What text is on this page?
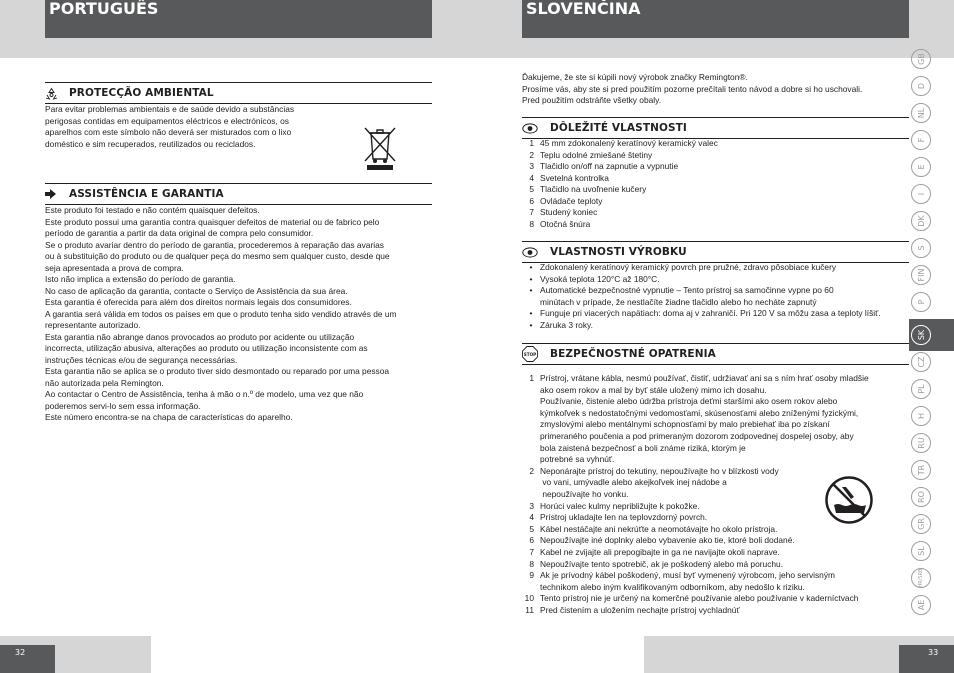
PORTUGUÊS	SLOVENČINA
PROTECÇÃO AMBIENTAL

Para evitar problemas ambientais e de saúde devido a substâncias

perigosas contidas em equipamentos eléctricos e electrónicos, os

aparelhos com este símbolo não deverá ser misturados com o lixo

doméstico e sim recuperados, reutilizados ou reciclados.

ASSISTÊNCIA E GARANTIA

Este produto foi testado e não contém quaisquer defeitos.

Este produto possui uma garantia contra quaisquer defeitos de material ou de fabrico pelo

período de garantia a partir da data original de compra pelo consumidor.

Se o produto avariar dentro do período de garantia, procederemos à reparação das avarias

ou à substituição do produto ou de qualquer peça do mesmo sem qualquer custo, desde que

seja apresentada a prova de compra.

Isto não implica a extensão do período de garantia.

No caso de aplicação da garantia, contacte o Serviço de Assistência da sua área.

Esta garantia é oferecida para além dos direitos normais legais dos consumidores.

A garantia será válida em todos os países em que o produto tenha sido vendido através de um

representante autorizado.

Esta garantia não abrange danos provocados ao produto por acidente ou utilização

incorrecta, utilização abusiva, alterações ao produto ou utilização inconsistente com as

instruções técnicas e/ou de segurança necessárias.

Esta garantia não se aplica se o produto tiver sido desmontado ou reparado por uma pessoa

não autorizada pela Remington.

Ao contactar o Centro de Assistência, tenha à mão o n.º de modelo, uma vez que não

poderemos servi-lo sem essa informação.

Este número encontra-se na chapa de características do aparelho.

32

Ďakujeme, že ste si kúpili nový výrobok značky Remington®.

Prosíme vás, aby ste si pred použitím pozorne prečítali tento návod a dobre si ho uschovali.

Pred použitím odstráňte všetky obaly.

DÔLEŽITÉ VLASTNOSTI
1 45 mm zdokonalený keratínový keramický valec
2 Teplu odolné zmiešané štetiny
3 Tlačidlo on/off na zapnutie a vypnutie
4 Svetelná kontrolka
5 Tlačidlo na uvoľnenie kučery
6 Ovládače teploty
7 Studený koniec
8 Otočná šnúra
VLASTNOSTI VÝROBKU
• Zdokonalený keratínový keramický povrch pre pružné, zdravo pôsobiace kučery
• Vysoká teplota 120°C až 180°C.
• Automatické bezpečnostné vypnutie – Tento prístroj sa samočinne vypne po 60
minútach v prípade, že nestlačíte žiadne tlačidlo alebo ho necháte zapnutý
• Funguje pri viacerých napätiach: doma aj v zahraničí. Pri 120 V sa môžu zasa a teploty líšiť.
• Záruka 3 roky.
STOP BEZPEČNOSTNÉ OPATRENIA
1 Prístroj, vrátane kábla, nesmú používať, čistiť, udržiavať ani sa s ním hrať osoby mladšie
ako osem rokov a mal by byť stále uložený mimo ich dosahu.
Používanie, čistenie alebo údržba prístroja deťmi staršími ako osem rokov alebo
kýmkoľvek s nedostatočnými vedomosťami, skúsenosťami alebo zníženými fyzickými,
zmyslovými alebo mentálnymi schopnosťami by malo prebiehať iba po získaní
primeraného poučenia a pod primeraným dozorom zodpovednej dospelej osoby, aby
bola zaistená bezpečnosť a boli známe riziká, ktorým je
potrebné sa vyhnúť.
2 Neponárajte prístroj do tekutiny, nepoužívajte ho v blízkosti vody
vo vani, umývadle alebo akejkoľvek inej nádobe a
nepoužívajte ho vonku.
3 Horúci valec kulmy nepribližujte k pokožke.
4 Prístroj ukladajte len na teplovzdorný povrch.
5 Kábel nestáčajte ani nekrúťte a neomotávajte ho okolo prístroja.
6 Nepoužívajte iné doplnky alebo vybavenie ako tie, ktoré boli dodané.
7 Kabel ne zvijajte ali prepogibajte in ga ne navijajte okoli naprave.
8 Nepoužívajte tento spotrebič, ak je poškodený alebo má poruchu.
9 Ak je prívodný kábel poškodený, musí byť vymenený výrobcom, jeho servisným
technikom alebo iným kvalifikovaným odborníkom, aby nedošlo k riziku.
10 Tento prístroj nie je určený na komerčné používanie alebo používanie v kaderníctvach
11 Pred čistením a uložením nechajte prístroj vychladnúť
33
GB
D
NL
F
E
I
DK
S
FIN
P
SK
CZ
PL
H
RU
TR
RO
GR
SL
HR/SRB
AE
